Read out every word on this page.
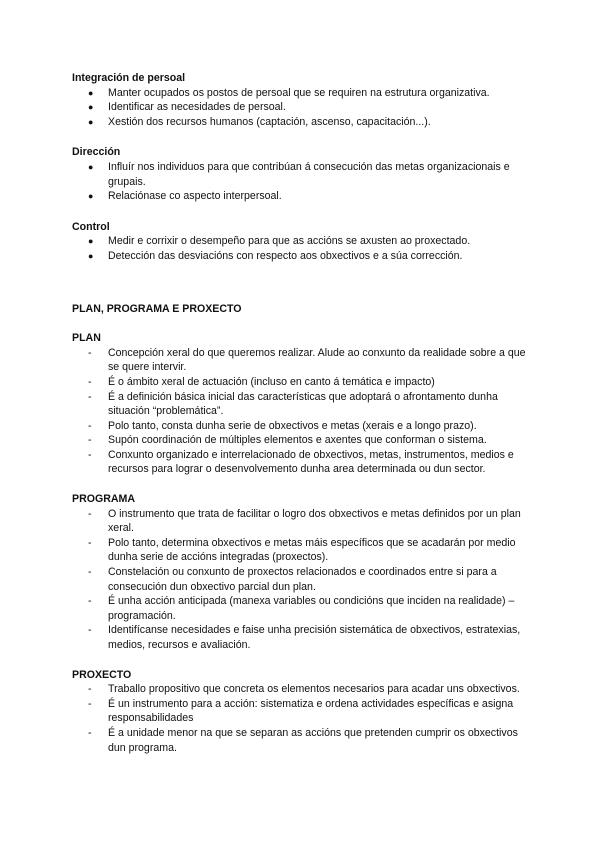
Integración de persoal

●	Manter ocupados os postos de persoal que se requiren na estrutura organizativa.
●	Identificar as necesidades de persoal.
●	Xestión dos recursos humanos (captación, ascenso, capacitación...).

Dirección

●	Influír nos individuos para que contribúan á consecución das metas organizacionais e grupais.
●	Relaciónase co aspecto interpersoal.

Control

●	Medir e corrixir o desempeño para que as accións se axusten ao proxectado.
●	Detección das desviacións con respecto aos obxectivos e a súa corrección.

PLAN, PROGRAMA E PROXECTO

PLAN

-	Concepción xeral do que queremos realizar. Alude ao conxunto da realidade sobre a que se quere intervir.
-	É o ámbito xeral de actuación (incluso en canto á temática e impacto)
-	É a definición básica inicial das características que adoptará o afrontamento dunha situación “problemática”.
-	Polo tanto, consta dunha serie de obxectivos e metas (xerais e a longo prazo).
-	Supón coordinación de múltiples elementos e axentes que conforman o sistema.
-	Conxunto organizado e interrelacionado de obxectivos, metas, instrumentos, medios e recursos para lograr o desenvolvemento dunha area determinada ou dun sector.

PROGRAMA

-	O instrumento que trata de facilitar o logro dos obxectivos e metas definidos por un plan xeral.
-	Polo tanto, determina obxectivos e metas máis específicos que se acadarán por medio dunha serie de accións integradas (proxectos).
-	Constelación ou conxunto de proxectos relacionados e coordinados entre si para a consecución dun obxectivo parcial dun plan.
-	É unha acción anticipada (manexa variables ou condicións que inciden na realidade) – programación.
-	Identifícanse necesidades e faise unha precisión sistemática de obxectivos, estratexias, medios, recursos e avaliación.

PROXECTO

-	Traballo propositivo que concreta os elementos necesarios para acadar uns obxectivos.
-	É un instrumento para a acción: sistematiza e ordena actividades específicas e asigna responsabilidades
-	É a unidade menor na que se separan as accións que pretenden cumprir os obxectivos dun programa.
